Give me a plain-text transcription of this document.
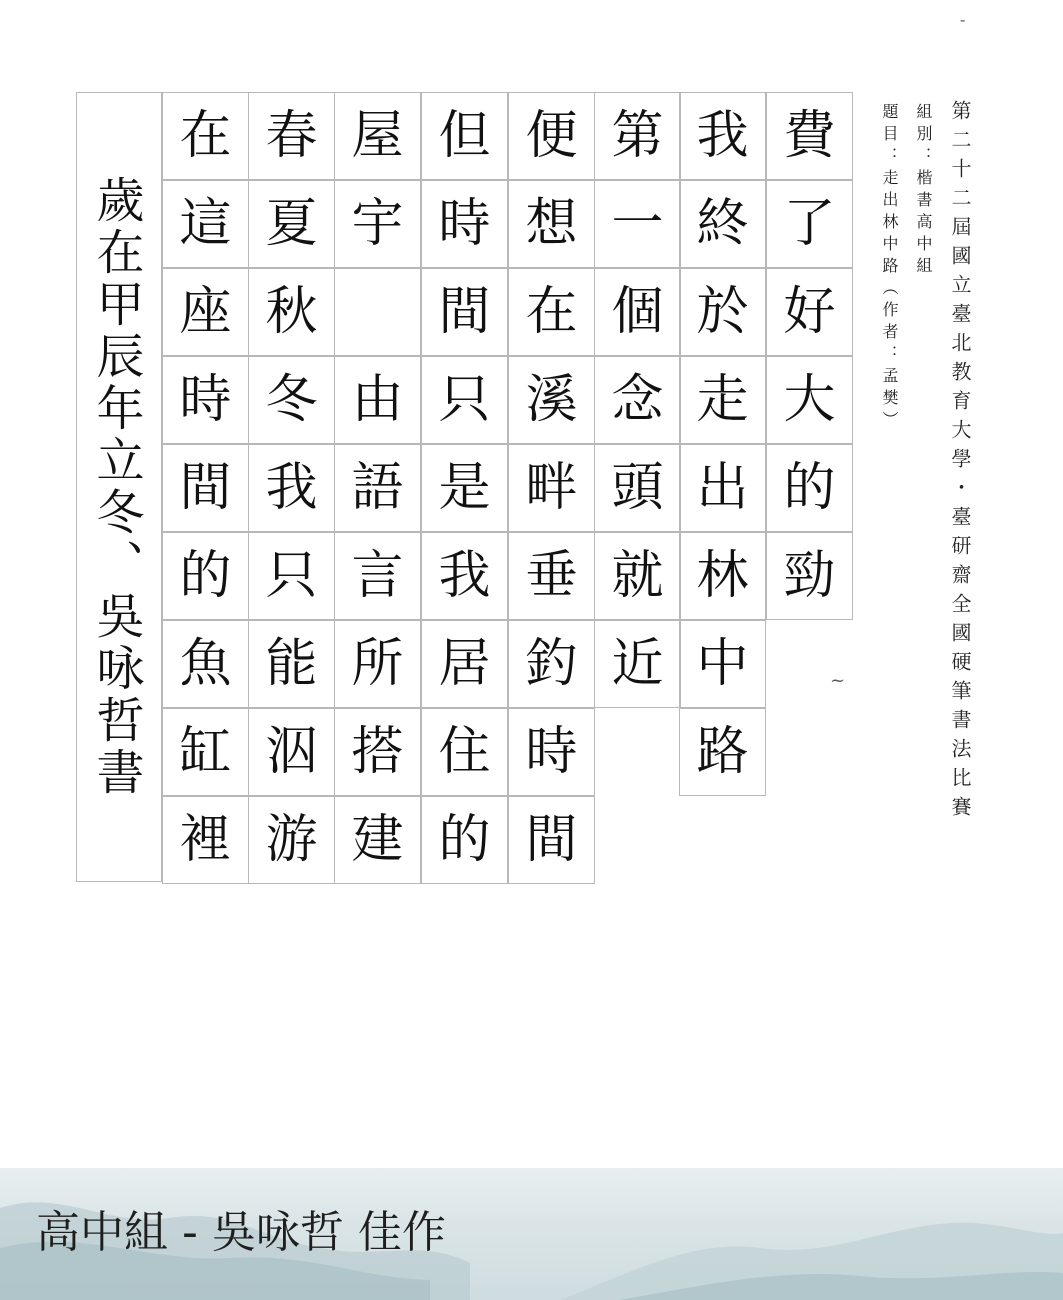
第二十二屆國立臺北教育大學・臺研齋全國硬筆書法比賽
組別：楷書高中組
題目：走出林中路（作者：孟樊）
費
了
好
大
的
勁
我
終
於
走
出
林
中
路
第
一
個
念
頭
就
近
便
想
在
溪
畔
垂
釣
時
間
但
時
間
只
是
我
居
住
的
屋
宇
由
語
言
所
搭
建
春
夏
秋
冬
我
只
能
泅
游
在
這
座
時
間
的
魚
缸
裡
歲在甲辰年立冬、吳咏哲書
‐
~
高中組 - 吳咏哲 佳作
